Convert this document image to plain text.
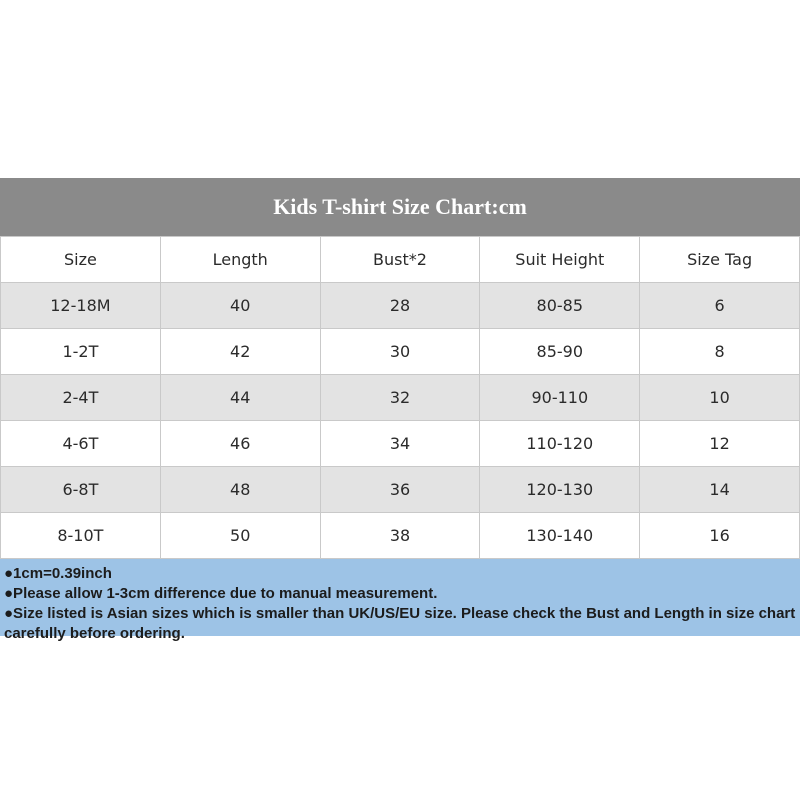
Kids T-shirt Size Chart:cm
Size	Length	Bust*2	Suit Height	Size Tag
12-18M	40	28	80-85	6
1-2T	42	30	85-90	8
2-4T	44	32	90-110	10
4-6T	46	34	110-120	12
6-8T	48	36	120-130	14
8-10T	50	38	130-140	16
●1cm=0.39inch
●Please allow 1-3cm difference due to manual measurement.
●Size listed is Asian sizes which is smaller than UK/US/EU size. Please check the Bust and Length in size chart carefully before ordering.
